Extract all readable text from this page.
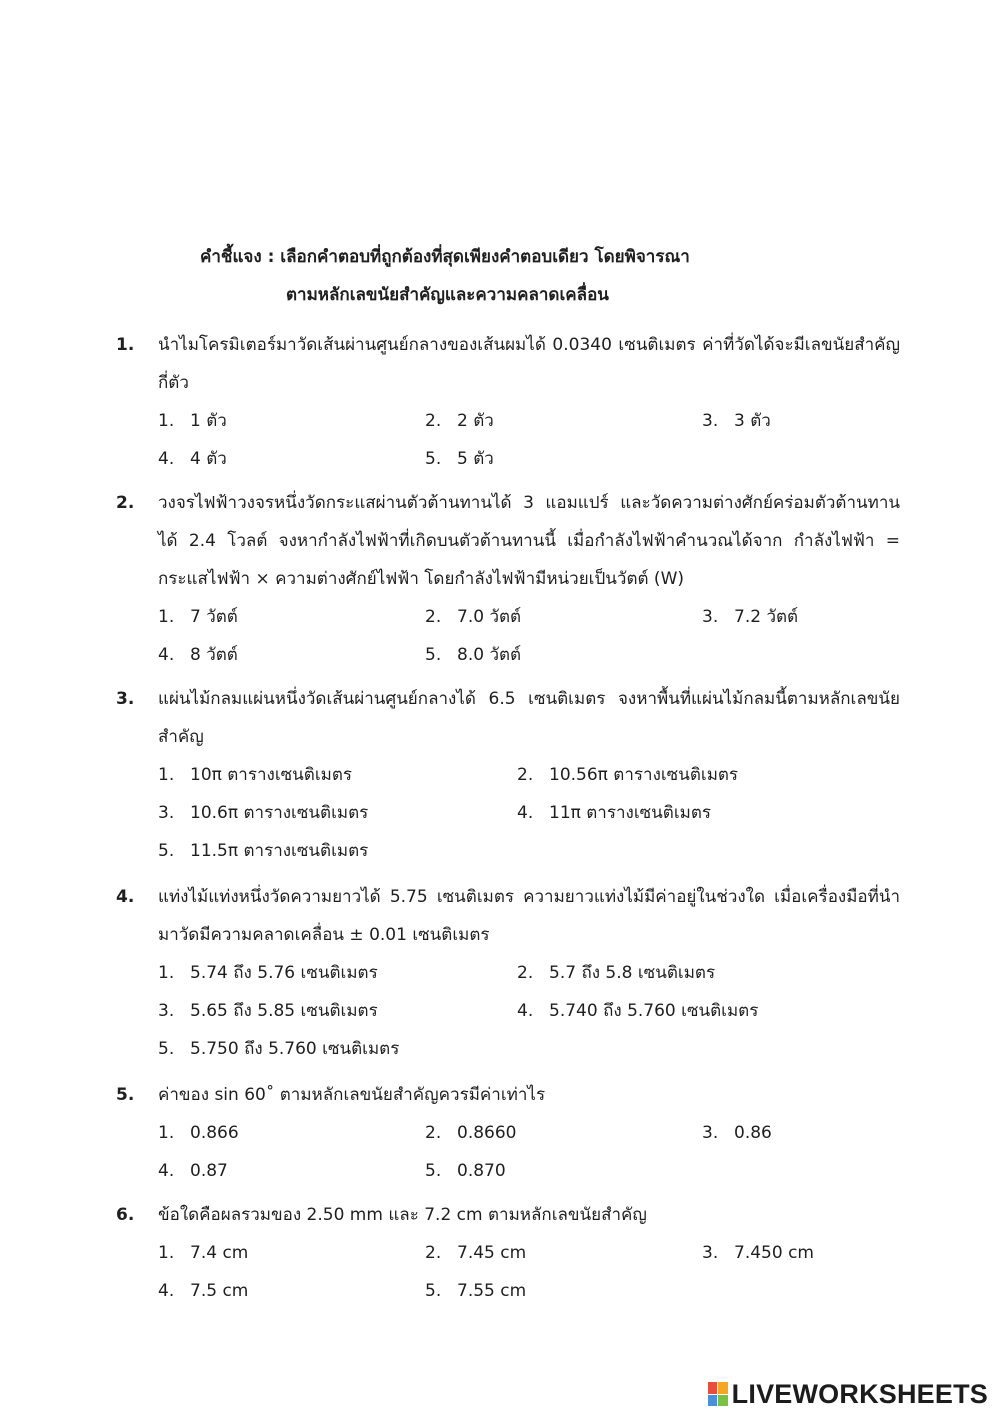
คำชี้แจง : เลือกคำตอบที่ถูกต้องที่สุดเพียงคำตอบเดียว โดยพิจารณา
ตามหลักเลขนัยสำคัญและความคลาดเคลื่อน
1. นำไมโครมิเตอร์มาวัดเส้นผ่านศูนย์กลางของเส้นผมได้ 0.0340 เซนติเมตร ค่าที่วัดได้จะมีเลขนัยสำคัญกี่ตัว
1. 1 ตัว	2. 2 ตัว	3. 3 ตัว
4. 4 ตัว	5. 5 ตัว
2. วงจรไฟฟ้าวงจรหนึ่งวัดกระแสผ่านตัวต้านทานได้ 3 แอมแปร์ และวัดความต่างศักย์คร่อมตัวต้านทานได้ 2.4 โวลต์ จงหากำลังไฟฟ้าที่เกิดบนตัวต้านทานนี้ เมื่อกำลังไฟฟ้าคำนวณได้จาก กำลังไฟฟ้า = กระแสไฟฟ้า × ความต่างศักย์ไฟฟ้า โดยกำลังไฟฟ้ามีหน่วยเป็นวัตต์ (W)
1. 7 วัตต์	2. 7.0 วัตต์	3. 7.2 วัตต์
4. 8 วัตต์	5. 8.0 วัตต์
3. แผ่นไม้กลมแผ่นหนึ่งวัดเส้นผ่านศูนย์กลางได้ 6.5 เซนติเมตร จงหาพื้นที่แผ่นไม้กลมนี้ตามหลักเลขนัยสำคัญ
1. 10π ตารางเซนติเมตร	2. 10.56π ตารางเซนติเมตร
3. 10.6π ตารางเซนติเมตร	4. 11π ตารางเซนติเมตร
5. 11.5π ตารางเซนติเมตร
4. แท่งไม้แท่งหนึ่งวัดความยาวได้ 5.75 เซนติเมตร ความยาวแท่งไม้มีค่าอยู่ในช่วงใด เมื่อเครื่องมือที่นำมาวัดมีความคลาดเคลื่อน ± 0.01 เซนติเมตร
1. 5.74 ถึง 5.76 เซนติเมตร	2. 5.7 ถึง 5.8 เซนติเมตร
3. 5.65 ถึง 5.85 เซนติเมตร	4. 5.740 ถึง 5.760 เซนติเมตร
5. 5.750 ถึง 5.760 เซนติเมตร
5. ค่าของ sin 60˚ ตามหลักเลขนัยสำคัญควรมีค่าเท่าไร
1. 0.866	2. 0.8660	3. 0.86
4. 0.87	5. 0.870
6. ข้อใดคือผลรวมของ 2.50 mm และ 7.2 cm ตามหลักเลขนัยสำคัญ
1. 7.4 cm	2. 7.45 cm	3. 7.450 cm
4. 7.5 cm	5. 7.55 cm
LIVEWORKSHEETS
